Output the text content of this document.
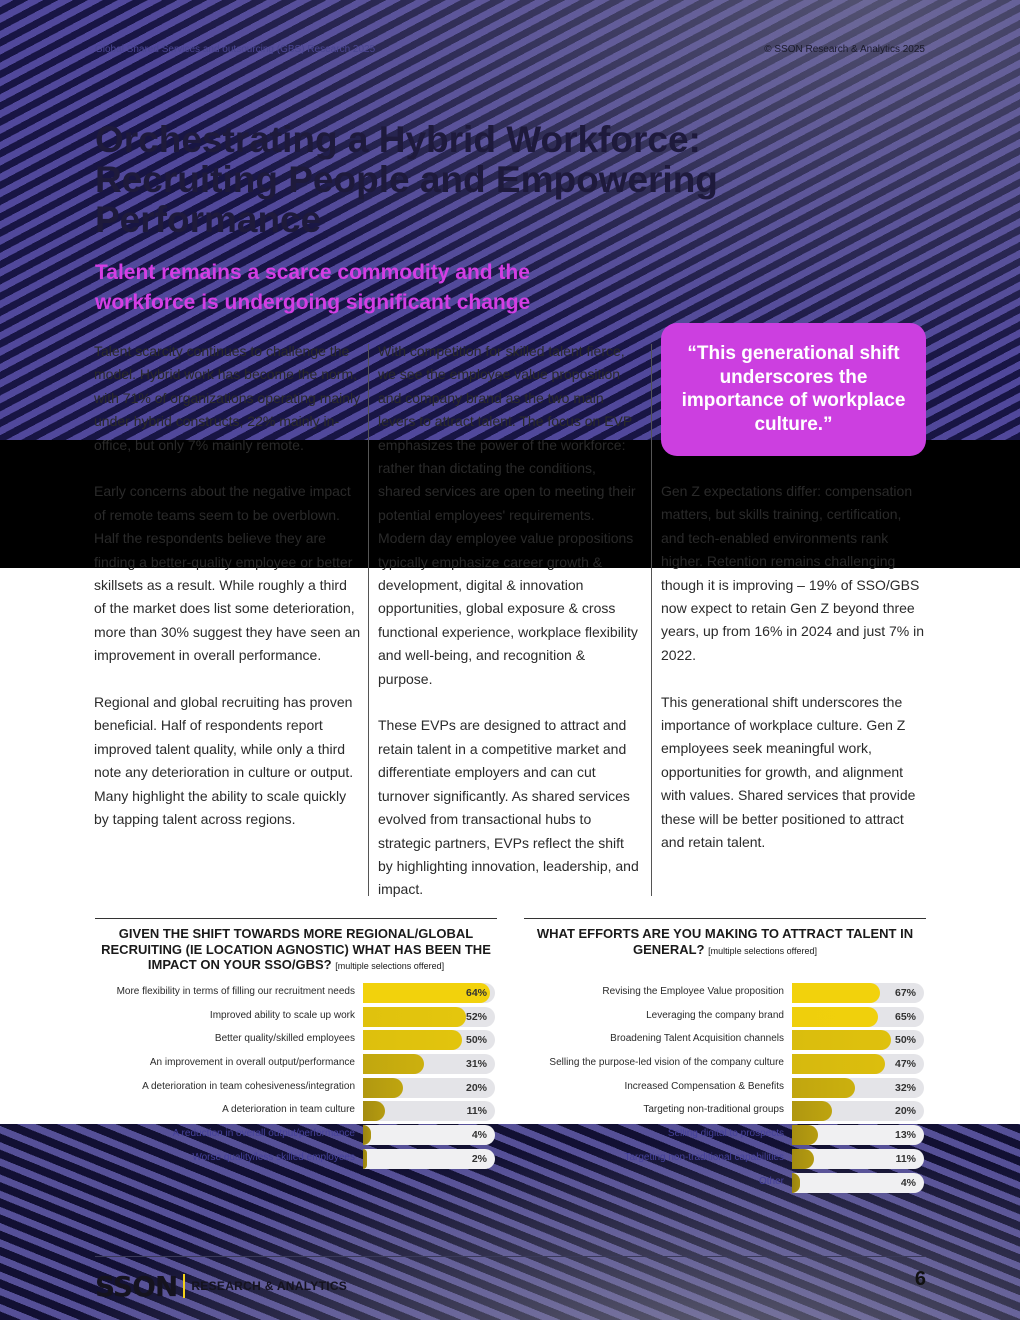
Global Shared Services and outsourcing (GBS) Research 2025	© SSON Research & Analytics 2025
Orchestrating a Hybrid Workforce: Recruiting People and Empowering Performance
Talent remains a scarce commodity and the workforce is undergoing significant change

Talent scarcity continues to challenge the model. Hybrid work has become the norm, with 71% of organizations operating mainly under hybrid constructs, 22% mainly in-office, but only 7% mainly remote.

Early concerns about the negative impact of remote teams seem to be overblown. Half the respondents believe they are finding a better-quality employee or better skillsets as a result. While roughly a third of the market does list some deterioration, more than 30% suggest they have seen an improvement in overall performance.

Regional and global recruiting has proven beneficial. Half of respondents report improved talent quality, while only a third note any deterioration in culture or output. Many highlight the ability to scale quickly by tapping talent across regions.

With competition for skilled talent fierce, we see the employee value proposition and company brand as the two main levers to attract talent. The focus on EVP emphasizes the power of the workforce: rather than dictating the conditions, shared services are open to meeting their potential employees' requirements. Modern day employee value propositions typically emphasize career growth & development, digital & innovation opportunities, global exposure & cross functional experience, workplace flexibility and well-being, and recognition & purpose.

These EVPs are designed to attract and retain talent in a competitive market and differentiate employers and can cut turnover significantly. As shared services evolved from transactional hubs to strategic partners, EVPs reflect the shift by highlighting innovation, leadership, and impact.

“This generational shift underscores the importance of workplace culture.”

Gen Z expectations differ: compensation matters, but skills training, certification, and tech-enabled environments rank higher. Retention remains challenging though it is improving – 19% of SSO/GBS now expect to retain Gen Z beyond three years, up from 16% in 2024 and just 7% in 2022.

This generational shift underscores the importance of workplace culture. Gen Z employees seek meaningful work, opportunities for growth, and alignment with values. Shared services that provide these will be better positioned to attract and retain talent.

GIVEN THE SHIFT TOWARDS MORE REGIONAL/GLOBAL RECRUITING (IE LOCATION AGNOSTIC) WHAT HAS BEEN THE IMPACT ON YOUR SSO/GBS? [multiple selections offered]
More flexibility in terms of filling our recruitment needs	64%
Improved ability to scale up work	52%
Better quality/skilled employees	50%
An improvement in overall output/performance	31%
A deterioration in team cohesiveness/integration	20%
A deterioration in team culture	11%
A reduction in overall output/performance	4%
Worse quality/less skilled employees	2%
WHAT EFFORTS ARE YOU MAKING TO ATTRACT TALENT IN GENERAL? [multiple selections offered]
Revising the Employee Value proposition	67%
Leveraging the company brand	65%
Broadening Talent Acquisition channels	50%
Selling the purpose-led vision of the company culture	47%
Increased Compensation & Benefits	32%
Targeting non-traditional groups	20%
Selling digital to prospects	13%
Targeting non-traditional capabilities	11%
Other	4%
SSON RESEARCH & ANALYTICS	6
